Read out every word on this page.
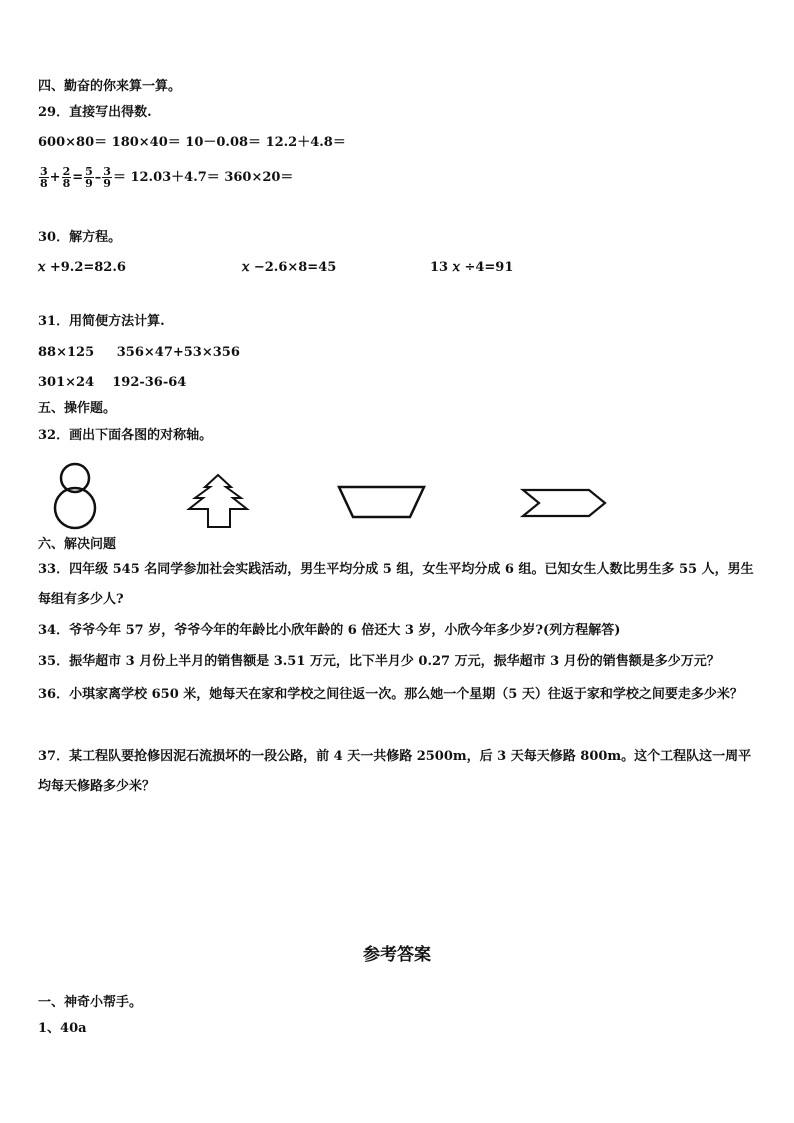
四、勤奋的你来算一算。
29．直接写出得数.
600×80＝ 180×40＝ 10－0.08＝ 12.2＋4.8＝
$\frac{3}{8} + \frac{2}{8} = \frac{5}{9} - \frac{3}{9} = 12.03+4.7= 360\times 20=$
30．解方程。
𝑥 +9.2=82.6	𝑥 −2.6×8=45	13 𝑥 ÷4=91
31．用简便方法计算.
88×125     356×47+53×356
301×24    192-36-64
五、操作题。
32．画出下面各图的对称轴。
六、解决问题
33．四年级 545 名同学参加社会实践活动，男生平均分成 5 组，女生平均分成 6 组。已知女生人数比男生多 55 人，男生每组有多少人?
34．爷爷今年 57 岁，爷爷今年的年龄比小欣年龄的 6 倍还大 3 岁，小欣今年多少岁?(列方程解答)
35．振华超市 3 月份上半月的销售额是 3.51 万元，比下半月少 0.27 万元，振华超市 3 月份的销售额是多少万元？
36．小琪家离学校 650 米，她每天在家和学校之间往返一次。那么她一个星期（5 天）往返于家和学校之间要走多少米？
37．某工程队要抢修因泥石流损坏的一段公路，前 4 天一共修路 2500m，后 3 天每天修路 800m。这个工程队这一周平均每天修路多少米？
参考答案
一、神奇小帮手。
1、40a
